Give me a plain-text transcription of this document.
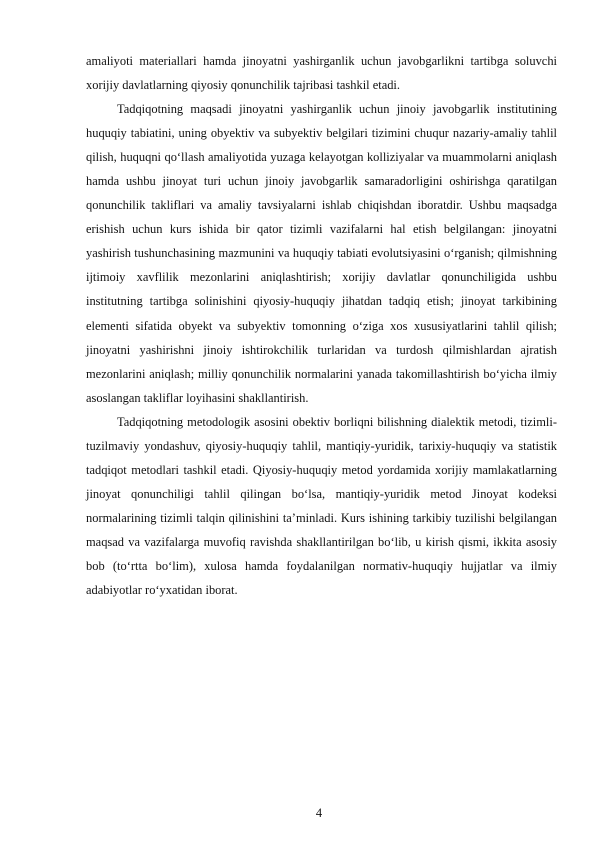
amaliyoti materiallari hamda jinoyatni yashirganlik uchun javobgarlikni tartibga soluvchi xorijiy davlatlarning qiyosiy qonunchilik tajribasi tashkil etadi.

Tadqiqotning maqsadi jinoyatni yashirganlik uchun jinoiy javobgarlik institutining huquqiy tabiatini, uning obyektiv va subyektiv belgilari tizimini chuqur nazariy-amaliy tahlil qilish, huquqni qo‘llash amaliyotida yuzaga kelayotgan kolliziyalar va muammolarni aniqlash hamda ushbu jinoyat turi uchun jinoiy javobgarlik samaradorligini oshirishga qaratilgan qonunchilik takliflari va amaliy tavsiyalarni ishlab chiqishdan iboratdir. Ushbu maqsadga erishish uchun kurs ishida bir qator tizimli vazifalarni hal etish belgilangan: jinoyatni yashirish tushunchasining mazmunini va huquqiy tabiati evolutsiyasini o‘rganish; qilmishning ijtimoiy xavflilik mezonlarini aniqlashtirish; xorijiy davlatlar qonunchiligida ushbu institutning tartibga solinishini qiyosiy-huquqiy jihatdan tadqiq etish; jinoyat tarkibining elementi sifatida obyekt va subyektiv tomonning o‘ziga xos xususiyatlarini tahlil qilish; jinoyatni yashirishni jinoiy ishtirokchilik turlaridan va turdosh qilmishlardan ajratish mezonlarini aniqlash; milliy qonunchilik normalarini yanada takomillashtirish bo‘yicha ilmiy asoslangan takliflar loyihasini shakllantirish.

Tadqiqotning metodologik asosini obektiv borliqni bilishning dialektik metodi, tizimli-tuzilmaviy yondashuv, qiyosiy-huquqiy tahlil, mantiqiy-yuridik, tarixiy-huquqiy va statistik tadqiqot metodlari tashkil etadi. Qiyosiy-huquqiy metod yordamida xorijiy mamlakatlarning jinoyat qonunchiligi tahlil qilingan bo‘lsa, mantiqiy-yuridik metod Jinoyat kodeksi normalarining tizimli talqin qilinishini ta’minladi. Kurs ishining tarkibiy tuzilishi belgilangan maqsad va vazifalarga muvofiq ravishda shakllantirilgan bo‘lib, u kirish qismi, ikkita asosiy bob (to‘rtta bo‘lim), xulosa hamda foydalanilgan normativ-huquqiy hujjatlar va ilmiy adabiyotlar ro‘yxatidan iborat.

4
